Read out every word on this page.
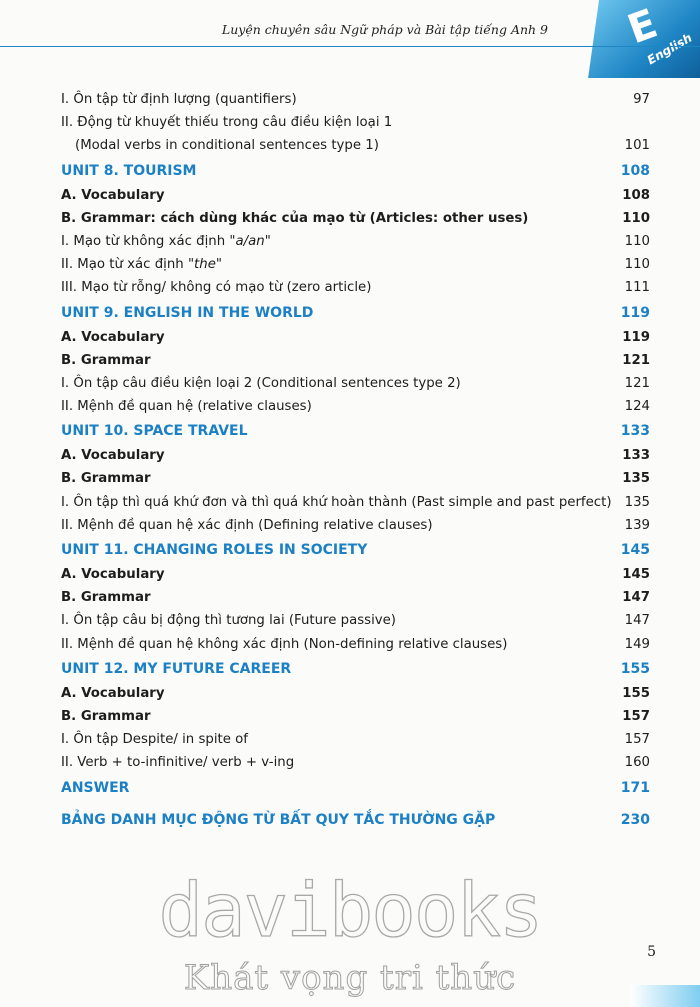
E
English
Luyện chuyên sâu Ngữ pháp và Bài tập tiếng Anh 9
I. Ôn tập từ định lượng (quantifiers)	97
II. Động từ khuyết thiếu trong câu điều kiện loại 1
(Modal verbs in conditional sentences type 1)	101
UNIT 8. TOURISM	108
A. Vocabulary	108
B. Grammar: cách dùng khác của mạo từ (Articles: other uses)	110
I. Mạo từ không xác định "a/an"	110
II. Mạo từ xác định "the"	110
III. Mạo từ rỗng/ không có mạo từ (zero article)	111
UNIT 9. ENGLISH IN THE WORLD	119
A. Vocabulary	119
B. Grammar	121
I. Ôn tập câu điều kiện loại 2 (Conditional sentences type 2)	121
II. Mệnh đề quan hệ (relative clauses)	124
UNIT 10. SPACE TRAVEL	133
A. Vocabulary	133
B. Grammar	135
I. Ôn tập thì quá khứ đơn và thì quá khứ hoàn thành (Past simple and past perfect) 135
II. Mệnh đề quan hệ xác định (Defining relative clauses)	139
UNIT 11. CHANGING ROLES IN SOCIETY	145
A. Vocabulary	145
B. Grammar	147
I. Ôn tập câu bị động thì tương lai (Future passive)	147
II. Mệnh đề quan hệ không xác định (Non-defining relative clauses)	149
UNIT 12. MY FUTURE CAREER	155
A. Vocabulary	155
B. Grammar	157
I. Ôn tập Despite/ in spite of	157
II. Verb + to-infinitive/ verb + v-ing	160
ANSWER	171
BẢNG DANH MỤC ĐỘNG TỪ BẤT QUY TẮC THƯỜNG GẶP	230
davibooks
Khát vọng tri thức
5
